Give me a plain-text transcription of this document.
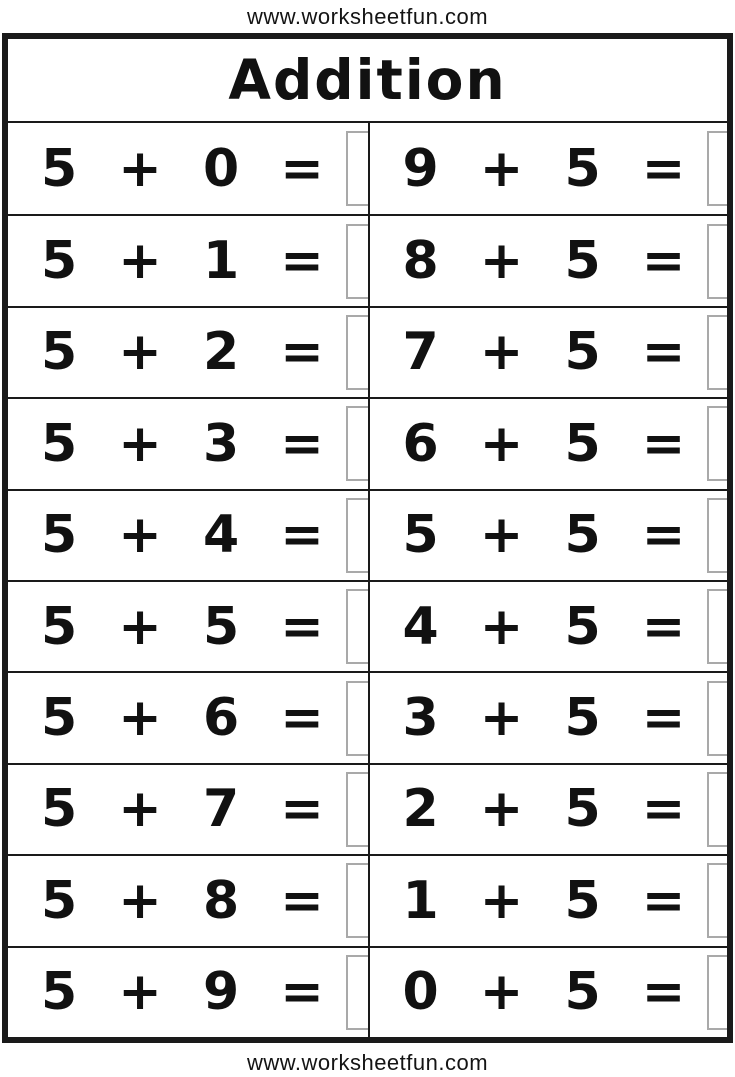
www.worksheetfun.com
Addition
5 + 0 = 9 + 5 =
5 + 1 = 8 + 5 =
5 + 2 = 7 + 5 =
5 + 3 = 6 + 5 =
5 + 4 = 5 + 5 =
5 + 5 = 4 + 5 =
5 + 6 = 3 + 5 =
5 + 7 = 2 + 5 =
5 + 8 = 1 + 5 =
5 + 9 = 0 + 5 =
www.worksheetfun.com
